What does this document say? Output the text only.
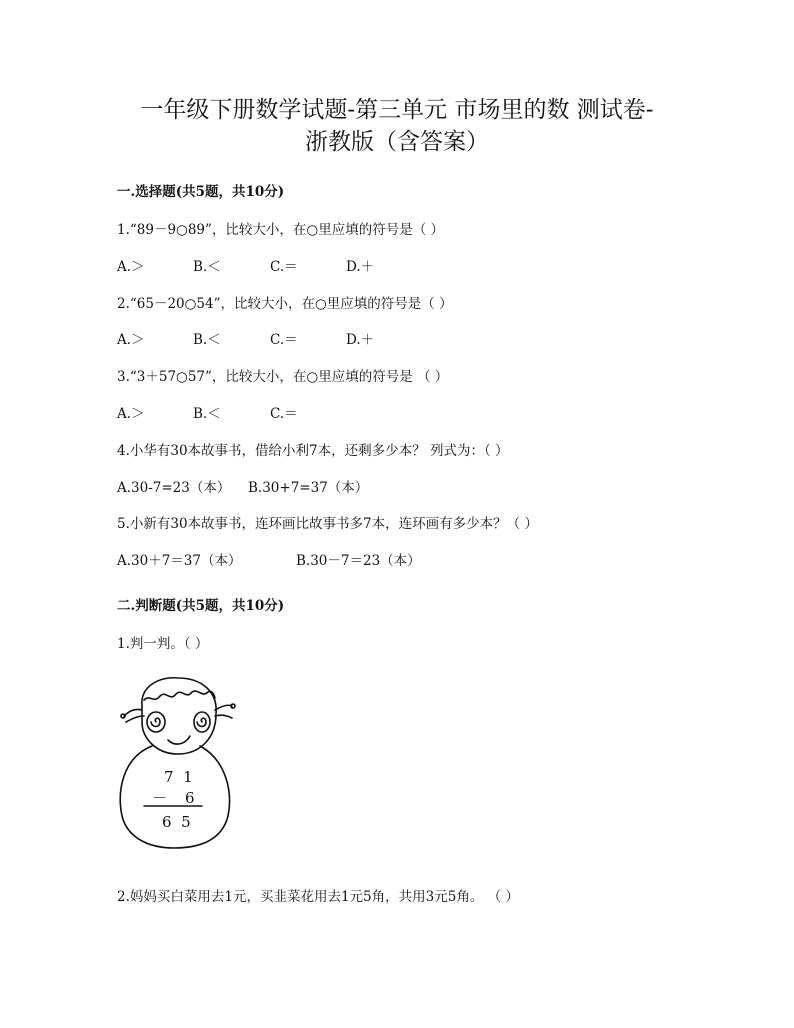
一年级下册数学试题-第三单元 市场里的数 测试卷-
浙教版（含答案）
一.选择题(共5题，共10分)
1.“89－9○89”，比较大小，在○里应填的符号是（ ）
A.＞	B.＜	C.＝	D.＋
2.“65－20○54”，比较大小，在○里应填的符号是（ ）
A.＞	B.＜	C.＝	D.＋
3.“3＋57○57”，比较大小，在○里应填的符号是 （ ）
A.＞	B.＜	C.＝
4.小华有30本故事书，借给小利7本，还剩多少本？ 列式为：（ ）
A.30-7=23（本） B.30+7=37（本）
5.小新有30本故事书，连环画比故事书多7本，连环画有多少本？（ ）
A.30＋7＝37（本）	B.30－7＝23（本）
二.判断题(共5题，共10分)
1.判一判。（ ）
7  1
－ 6
6  5
2.妈妈买白菜用去1元，买韭菜花用去1元5角，共用3元5角。 （ ）
